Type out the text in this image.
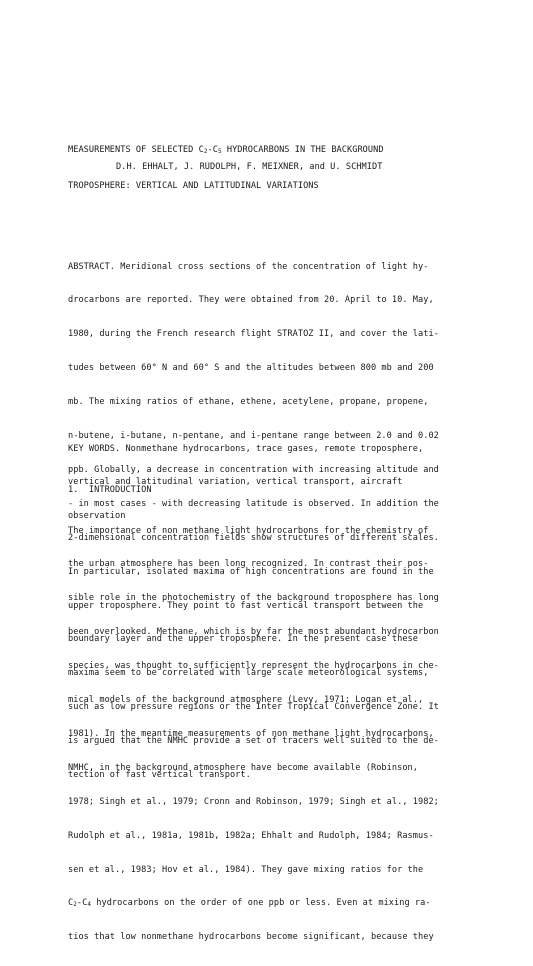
MEASUREMENTS OF SELECTED $C_2-C_5$ HYDROCARBONS IN THE BACKGROUND

TROPOSPHERE: VERTICAL AND LATITUDINAL VARIATIONS

D.H. EHHALT, J. RUDOLPH, F. MEIXNER, and U. SCHMIDT

ABSTRACT. Meridional cross sections of the concentration of light hy-

drocarbons are reported. They were obtained from 20. April to 10. May,

1980, during the French research flight STRATOZ II, and cover the lati-

tudes between 60° N and 60° S and the altitudes between 800 mb and 200

mb. The mixing ratios of ethane, ethene, acetylene, propane, propene,

n-butene, i-butane, n-pentane, and i-pentane range between 2.0 and 0.02

ppb. Globally, a decrease in concentration with increasing altitude and

- in most cases - with decreasing latitude is observed. In addition the

2-dimensional concentration fields show structures of different scales.

In particular, isolated maxima of high concentrations are found in the

upper troposphere. They point to fast vertical transport between the

boundary layer and the upper troposphere. In the present case these

maxima seem to be correlated with large scale meteorological systems,

such as low pressure regions or the Inter Tropical Convergence Zone. It

is argued that the NMHC provide a set of tracers well suited to the de-

tection of fast vertical transport.

KEY WORDS. Nonmethane hydrocarbons, trace gases, remote troposphere,

vertical and latitudinal variation, vertical transport, aircraft

observation

1.  INTRODUCTION

The importance of non methane light hydrocarbons for the chemistry of

the urban atmosphere has been long recognized. In contrast their pos-

sible role in the photochemistry of the background troposphere has long

been overlooked. Methane, which is by far the most abundant hydrocarbon

species, was thought to sufficiently represent the hydrocarbons in che-

mical models of the background atmosphere (Levy, 1971; Logan et al.,

1981). In the meantime measurements of non methane light hydrocarbons,

NMHC, in the background atmosphere have become available (Robinson,

1978; Singh et al., 1979; Cronn and Robinson, 1979; Singh et al., 1982;

Rudolph et al., 1981a, 1981b, 1982a; Ehhalt and Rudolph, 1984; Rasmus-

sen et al., 1983; Hov et al., 1984). They gave mixing ratios for the

$C_2-C_4$ hydrocarbons on the order of one ppb or less. Even at mixing ra-

tios that low nonmethane hydrocarbons become significant, because they
